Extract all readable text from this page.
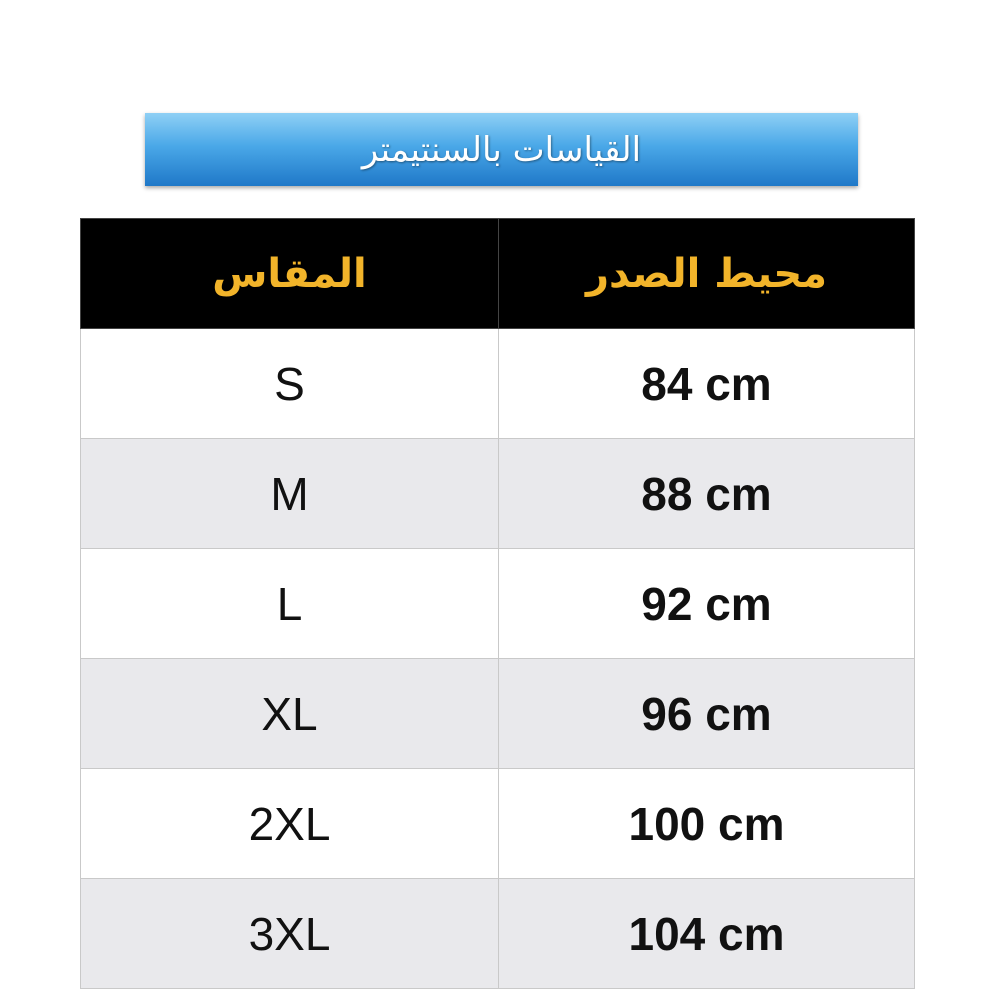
القياسات بالسنتيمتر
المقاس	محيط الصدر
S	84 cm
M	88 cm
L	92 cm
XL	96 cm
2XL	100 cm
3XL	104 cm
